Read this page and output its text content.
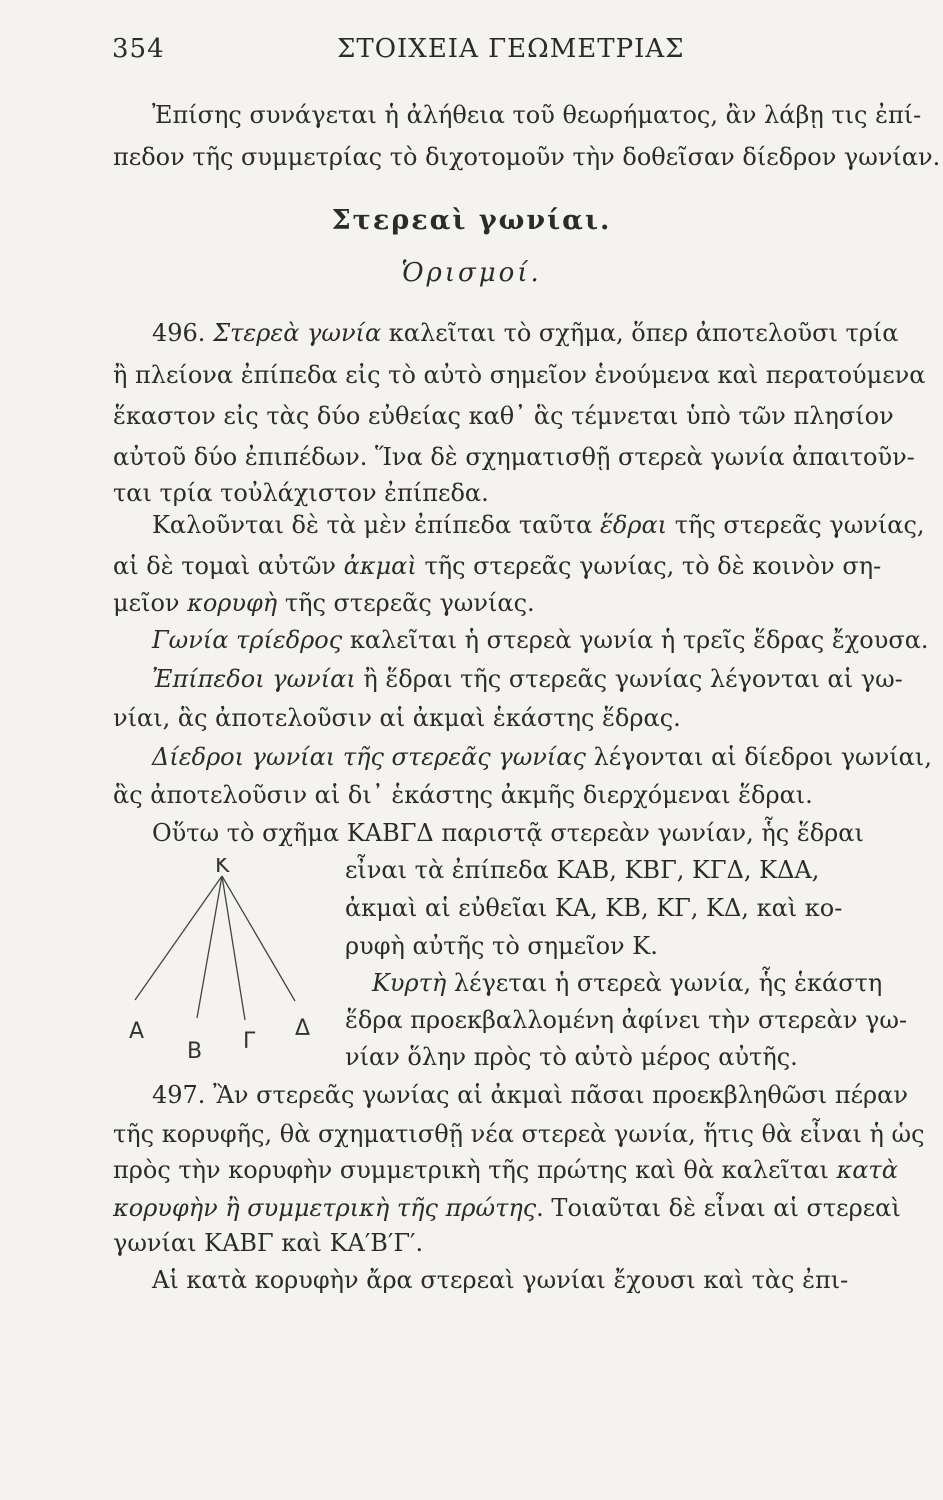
354	ΣΤΟΙΧΕΙΑ ΓΕΩΜΕΤΡΙΑΣ
Ἐπίσης συνάγεται ἡ ἀλήθεια τοῦ θεωρήματος, ἂν λάβῃ τις ἐπί-
πεδον τῆς συμμετρίας τὸ διχοτομοῦν τὴν δοθεῖσαν δίεδρον γωνίαν.
Στερεαὶ γωνίαι.
Ὁρισμοί.
496. Στερεὰ γωνία καλεῖται τὸ σχῆμα, ὅπερ ἀποτελοῦσι τρία
ἢ πλείονα ἐπίπεδα εἰς τὸ αὐτὸ σημεῖον ἑνούμενα καὶ περατούμενα
ἕκαστον εἰς τὰς δύο εὐθείας καθ᾽ ἃς τέμνεται ὑπὸ τῶν πλησίον
αὐτοῦ δύο ἐπιπέδων. Ἵνα δὲ σχηματισθῇ στερεὰ γωνία ἀπαιτοῦν-
ται τρία τοὐλάχιστον ἐπίπεδα.
Καλοῦνται δὲ τὰ μὲν ἐπίπεδα ταῦτα ἕδραι τῆς στερεᾶς γωνίας,
αἱ δὲ τομαὶ αὐτῶν ἀκμαὶ τῆς στερεᾶς γωνίας, τὸ δὲ κοινὸν ση-
μεῖον κορυφὴ τῆς στερεᾶς γωνίας.
Γωνία τρίεδρος καλεῖται ἡ στερεὰ γωνία ἡ τρεῖς ἕδρας ἔχουσα.
Ἐπίπεδοι γωνίαι ἢ ἕδραι τῆς στερεᾶς γωνίας λέγονται αἱ γω-
νίαι, ἃς ἀποτελοῦσιν αἱ ἀκμαὶ ἑκάστης ἕδρας.
Δίεδροι γωνίαι τῆς στερεᾶς γωνίας λέγονται αἱ δίεδροι γωνίαι,
ἃς ἀποτελοῦσιν αἱ δι᾽ ἑκάστης ἀκμῆς διερχόμεναι ἕδραι.
Οὕτω τὸ σχῆμα ΚΑΒΓΔ παριστᾷ στερεὰν γωνίαν, ἧς ἕδραι
εἶναι τὰ ἐπίπεδα ΚΑΒ, ΚΒΓ, ΚΓΔ, ΚΔΑ,
ἀκμαὶ αἱ εὐθεῖαι ΚΑ, ΚΒ, ΚΓ, ΚΔ, καὶ κο-
ρυφὴ αὐτῆς τὸ σημεῖον Κ.
Κυρτὴ λέγεται ἡ στερεὰ γωνία, ἧς ἑκάστη
ἕδρα προεκβαλλομένη ἀφίνει τὴν στερεὰν γω-
νίαν ὅλην πρὸς τὸ αὐτὸ μέρος αὐτῆς.
K
A
B Γ
Δ
497. Ἂν στερεᾶς γωνίας αἱ ἀκμαὶ πᾶσαι προεκβληθῶσι πέραν
τῆς κορυφῆς, θὰ σχηματισθῇ νέα στερεὰ γωνία, ἥτις θὰ εἶναι ἡ ὡς
πρὸς τὴν κορυφὴν συμμετρικὴ τῆς πρώτης καὶ θὰ καλεῖται κατὰ
κορυφὴν ἢ συμμετρικὴ τῆς πρώτης. Τοιαῦται δὲ εἶναι αἱ στερεαὶ
γωνίαι ΚΑΒΓ καὶ ΚΑ′Β′Γ′.
Αἱ κατὰ κορυφὴν ἄρα στερεαὶ γωνίαι ἔχουσι καὶ τὰς ἐπι-
